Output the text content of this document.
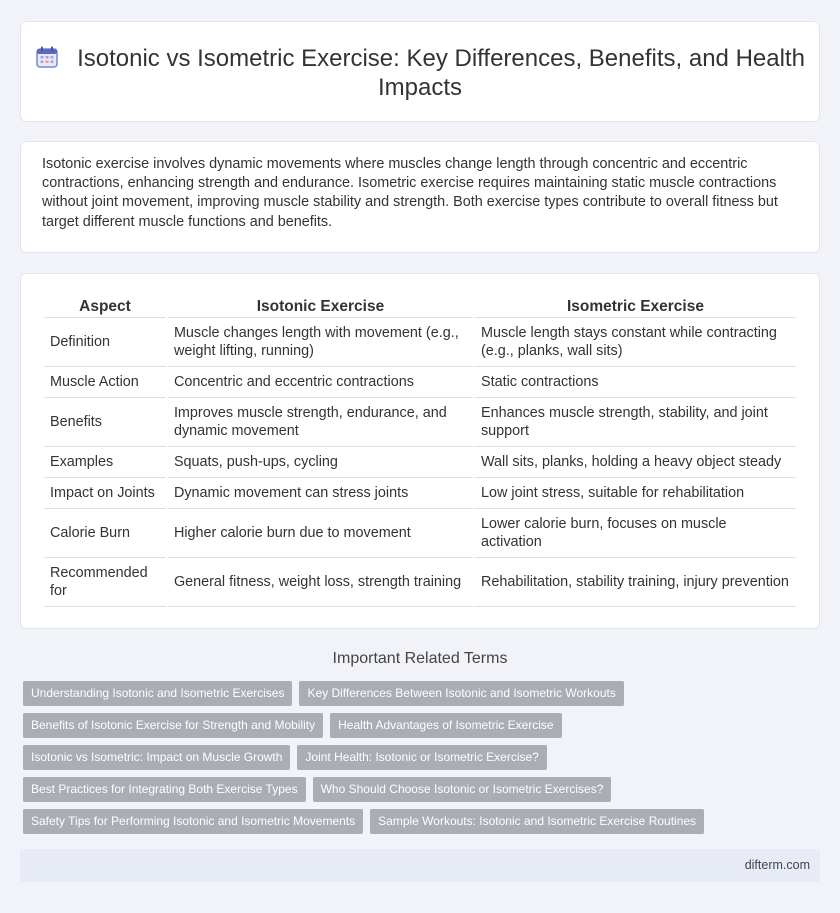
Isotonic vs Isometric Exercise: Key Differences, Benefits, and Health Impacts

Isotonic exercise involves dynamic movements where muscles change length through concentric and eccentric contractions, enhancing strength and endurance. Isometric exercise requires maintaining static muscle contractions without joint movement, improving muscle stability and strength. Both exercise types contribute to overall fitness but target different muscle functions and benefits.

Aspect	Isotonic Exercise	Isometric Exercise
Definition	Muscle changes length with movement (e.g., weight lifting, running)	Muscle length stays constant while contracting (e.g., planks, wall sits)
Muscle Action	Concentric and eccentric contractions	Static contractions
Benefits	Improves muscle strength, endurance, and dynamic movement	Enhances muscle strength, stability, and joint support
Examples	Squats, push-ups, cycling	Wall sits, planks, holding a heavy object steady
Impact on Joints	Dynamic movement can stress joints	Low joint stress, suitable for rehabilitation
Calorie Burn	Higher calorie burn due to movement	Lower calorie burn, focuses on muscle activation
Recommended for	General fitness, weight loss, strength training	Rehabilitation, stability training, injury prevention
Important Related Terms
Understanding Isotonic and Isometric Exercises Key Differences Between Isotonic and Isometric Workouts
Benefits of Isotonic Exercise for Strength and Mobility Health Advantages of Isometric Exercise
Isotonic vs Isometric: Impact on Muscle Growth Joint Health: Isotonic or Isometric Exercise?
Best Practices for Integrating Both Exercise Types Who Should Choose Isotonic or Isometric Exercises?
Safety Tips for Performing Isotonic and Isometric Movements Sample Workouts: Isotonic and Isometric Exercise Routines
difterm.com
